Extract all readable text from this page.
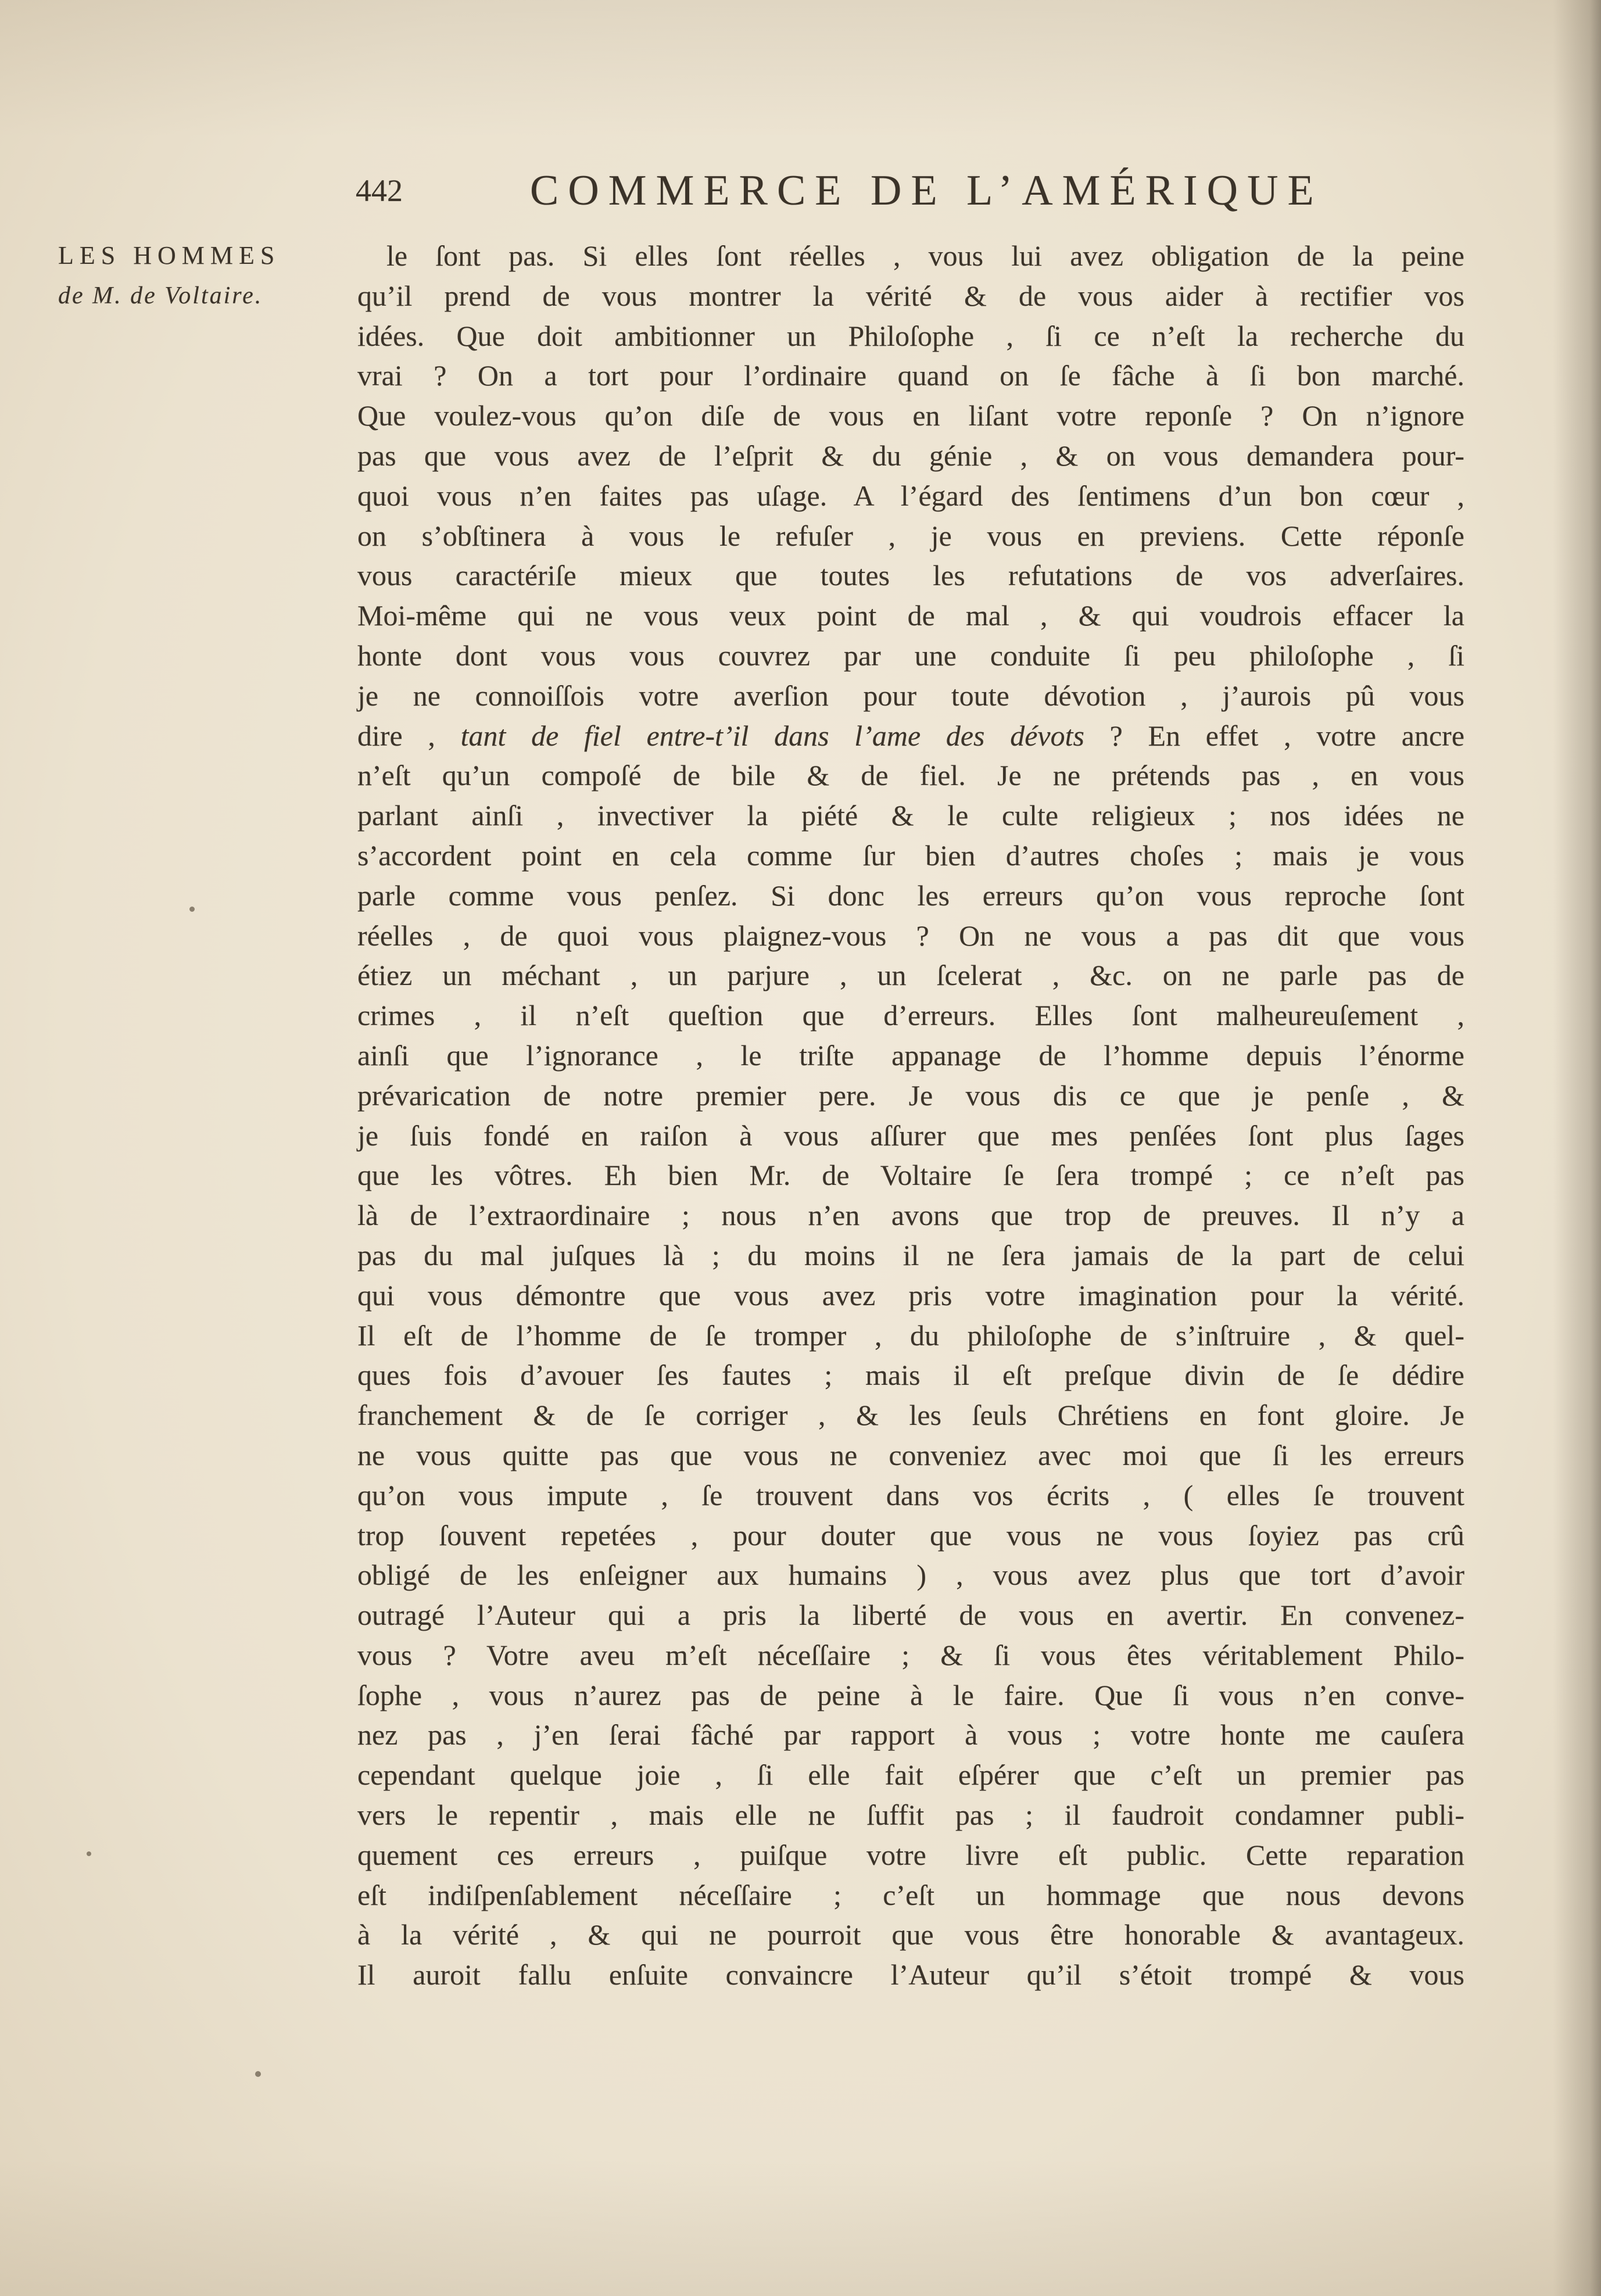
442	COMMERCE DE L’AMÉRIQUE
LES HOMMES
de M. de Voltaire.
le ſont pas. Si elles ſont réelles , vous lui avez obligation de la peine
qu’il prend de vous montrer la vérité & de vous aider à rectifier vos
idées. Que doit ambitionner un Philoſophe , ſi ce n’eſt la recherche du
vrai ? On a tort pour l’ordinaire quand on ſe fâche à ſi bon marché.
Que voulez-vous qu’on diſe de vous en liſant votre reponſe ? On n’ignore
pas que vous avez de l’eſprit & du génie , & on vous demandera pour-
quoi vous n’en faites pas uſage. A l’égard des ſentimens d’un bon cœur ,
on s’obſtinera à vous le refuſer , je vous en previens. Cette réponſe
vous caractériſe mieux que toutes les refutations de vos adverſaires.
Moi-même qui ne vous veux point de mal , & qui voudrois effacer la
honte dont vous vous couvrez par une conduite ſi peu philoſophe , ſi
je ne connoiſſois votre averſion pour toute dévotion , j’aurois pû vous
dire , tant de fiel entre-t’il dans l’ame des dévots ? En effet , votre ancre
n’eſt qu’un compoſé de bile & de fiel. Je ne prétends pas , en vous
parlant ainſi , invectiver la piété & le culte religieux ; nos idées ne
s’accordent point en cela comme ſur bien d’autres choſes ; mais je vous
parle comme vous penſez. Si donc les erreurs qu’on vous reproche ſont
réelles , de quoi vous plaignez-vous ? On ne vous a pas dit que vous
étiez un méchant , un parjure , un ſcelerat , &c. on ne parle pas de
crimes , il n’eſt queſtion que d’erreurs. Elles ſont malheureuſement ,
ainſi que l’ignorance , le triſte appanage de l’homme depuis l’énorme
prévarication de notre premier pere. Je vous dis ce que je penſe , &
je ſuis fondé en raiſon à vous aſſurer que mes penſées ſont plus ſages
que les vôtres. Eh bien Mr. de Voltaire ſe ſera trompé ; ce n’eſt pas
là de l’extraordinaire ; nous n’en avons que trop de preuves. Il n’y a
pas du mal juſques là ; du moins il ne ſera jamais de la part de celui
qui vous démontre que vous avez pris votre imagination pour la vérité.
Il eſt de l’homme de ſe tromper , du philoſophe de s’inſtruire , & quel-
ques fois d’avouer ſes fautes ; mais il eſt preſque divin de ſe dédire
franchement & de ſe corriger , & les ſeuls Chrétiens en font gloire. Je
ne vous quitte pas que vous ne conveniez avec moi que ſi les erreurs
qu’on vous impute , ſe trouvent dans vos écrits , ( elles ſe trouvent
trop ſouvent repetées , pour douter que vous ne vous ſoyiez pas crû
obligé de les enſeigner aux humains ) , vous avez plus que tort d’avoir
outragé l’Auteur qui a pris la liberté de vous en avertir. En convenez-
vous ? Votre aveu m’eſt néceſſaire ; & ſi vous êtes véritablement Philo-
ſophe , vous n’aurez pas de peine à le faire. Que ſi vous n’en conve-
nez pas , j’en ſerai fâché par rapport à vous ; votre honte me cauſera
cependant quelque joie , ſi elle fait eſpérer que c’eſt un premier pas
vers le repentir , mais elle ne ſuffit pas ; il faudroit condamner publi-
quement ces erreurs , puiſque votre livre eſt public. Cette reparation
eſt indiſpenſablement néceſſaire ; c’eſt un hommage que nous devons
à la vérité , & qui ne pourroit que vous être honorable & avantageux.
Il auroit fallu enſuite convaincre l’Auteur qu’il s’étoit trompé & vous
